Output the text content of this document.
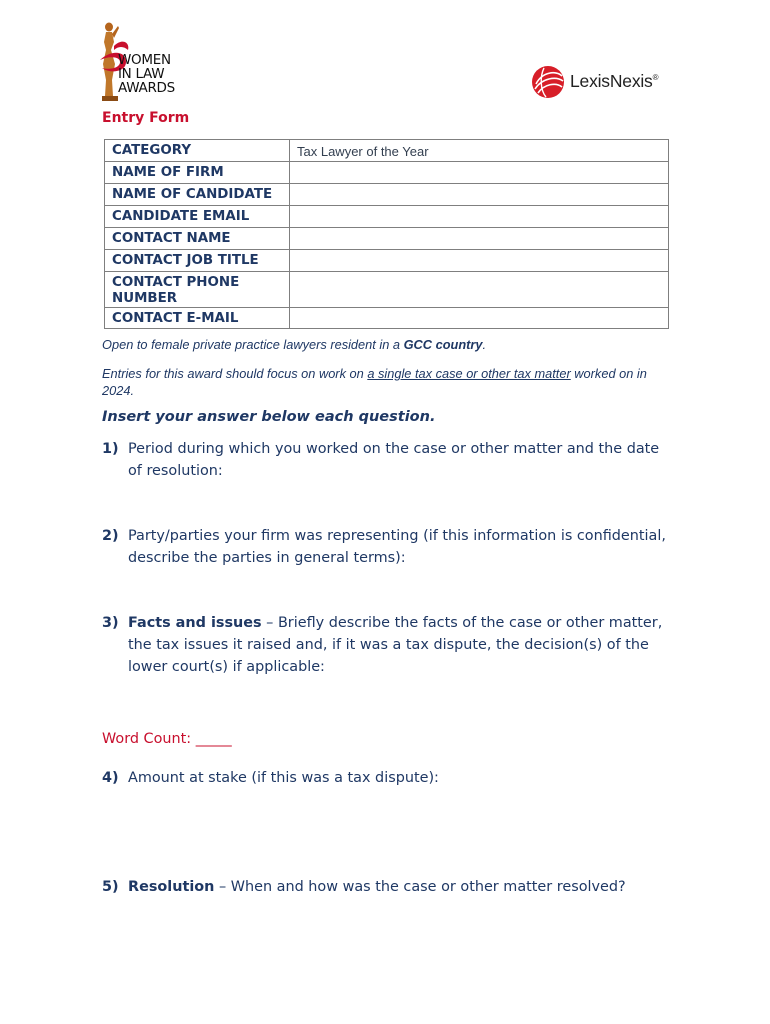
WOMEN
IN LAW
AWARDS	LexisNexis®
Entry Form
CATEGORY	Tax Lawyer of the Year
NAME OF FIRM	
NAME OF CANDIDATE	
CANDIDATE EMAIL	
CONTACT NAME	
CONTACT JOB TITLE	
CONTACT PHONE NUMBER	
CONTACT E-MAIL	
Open to female private practice lawyers resident in a GCC country.
Entries for this award should focus on work on a single tax case or other tax matter worked on in 2024.
Insert your answer below each question.
1) Period during which you worked on the case or other matter and the date of resolution:
2) Party/parties your firm was representing (if this information is confidential, describe the parties in general terms):
3) Facts and issues – Briefly describe the facts of the case or other matter, the tax issues it raised and, if it was a tax dispute, the decision(s) of the lower court(s) if applicable:
Word Count: _____
4) Amount at stake (if this was a tax dispute):
5) Resolution – When and how was the case or other matter resolved?
